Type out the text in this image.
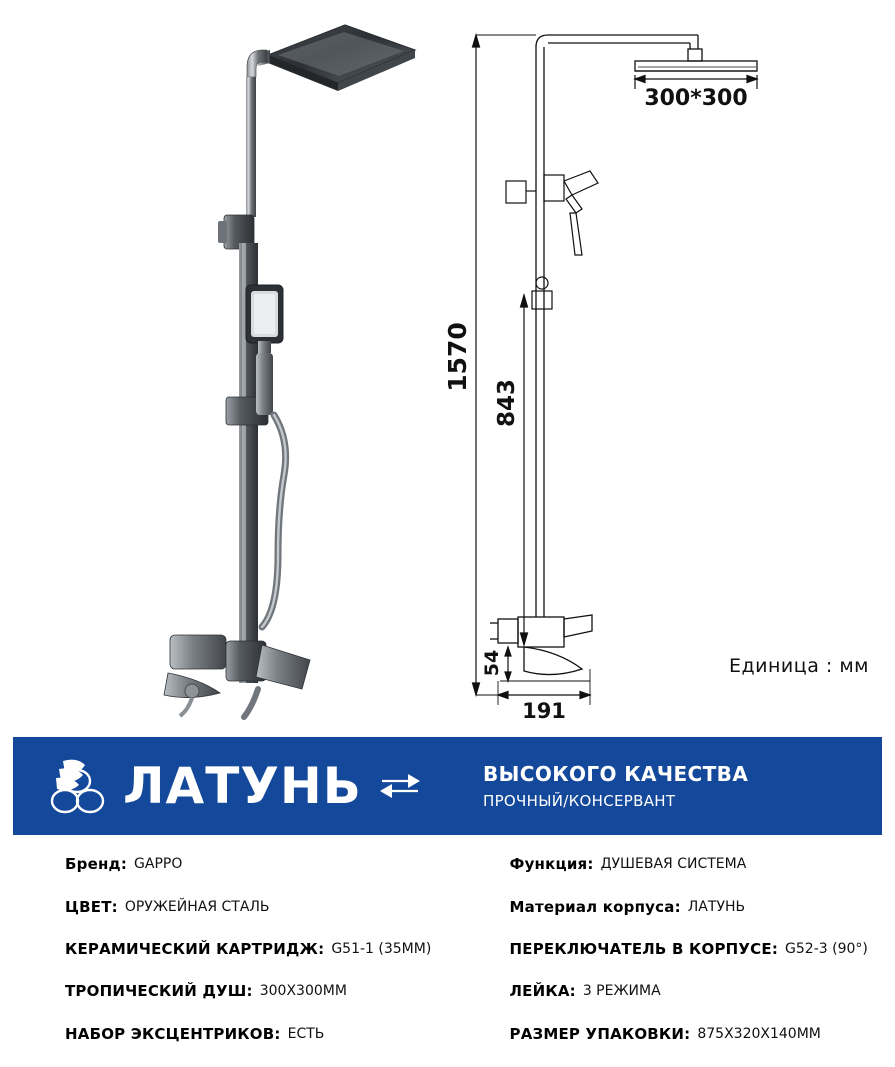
300*300
1570
843
54
191
Единица : мм
ЛАТУНЬ	ВЫСОКОГО КАЧЕСТВА
ПРОЧНЫЙ/КОНСЕРВАНТ
Бренд: GAPPO	Функция: ДУШЕВАЯ СИСТЕМА
ЦВЕТ: ОРУЖЕЙНАЯ СТАЛЬ	Материал корпуса: ЛАТУНЬ
КЕРАМИЧЕСКИЙ КАРТРИДЖ: G51-1 (35ММ)	ПЕРЕКЛЮЧАТЕЛЬ В КОРПУСЕ: G52-3 (90°)
ТРОПИЧЕСКИЙ ДУШ: 300X300ММ	ЛЕЙКА: 3 РЕЖИМА
НАБОР ЭКСЦЕНТРИКОВ: ЕСТЬ	РАЗМЕР УПАКОВКИ: 875X320X140ММ
